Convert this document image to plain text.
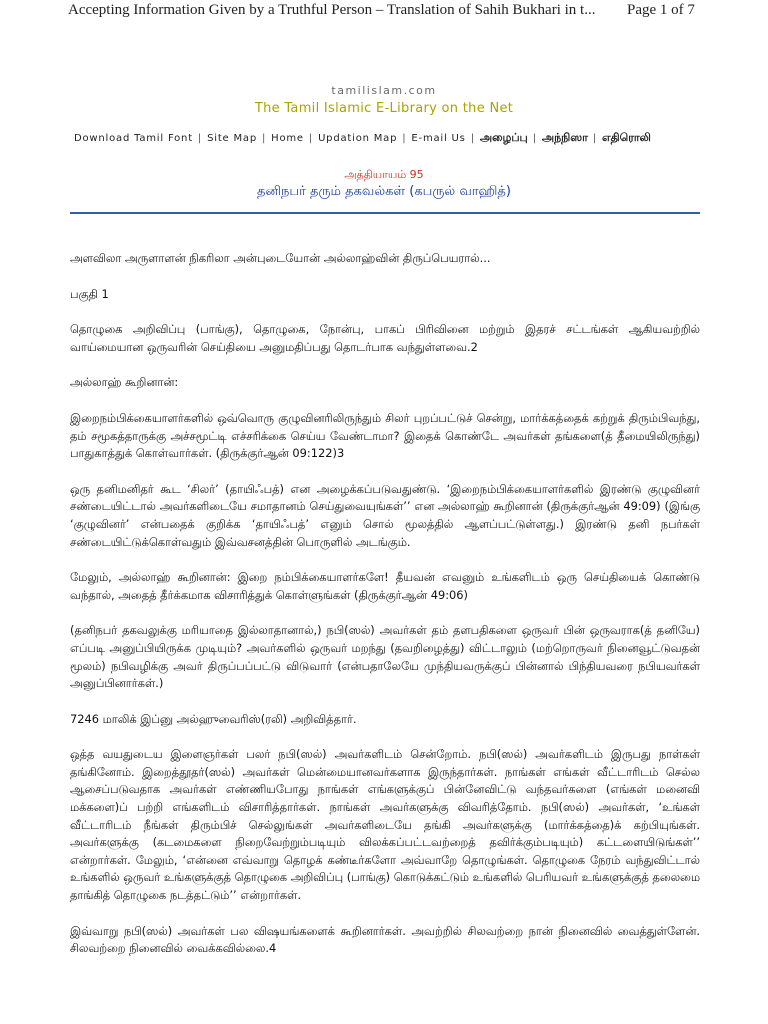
Accepting Information Given by a Truthful Person – Translation of Sahih Bukhari in t... Page 1 of 7
tamilislam.com
The Tamil Islamic E-Library on the Net
Download Tamil Font | Site Map | Home | Updation Map | E-mail Us | அழைப்பு | அந்நிஸா | எதிரொலி
அத்தியாயம் 95
தனிநபர் தரும் தகவல்கள் (கபருல் வாஹித்)

அளவிலா அருளாளன் நிகரிலா அன்புடையோன் அல்லாஹ்வின் திருப்பெயரால்...

பகுதி 1

தொழுகை அறிவிப்பு (பாங்கு), தொழுகை, நோன்பு, பாகப் பிரிவினை மற்றும் இதரச் சட்டங்கள் ஆகியவற்றில் வாய்மையான ஒருவரின் செய்தியை அனுமதிப்பது தொடர்பாக வந்துள்ளவை.2

அல்லாஹ் கூறினான்:

இறைநம்பிக்கையாளர்களில் ஒவ்வொரு குழுவினரிலிருந்தும் சிலர் புறப்பட்டுச் சென்று, மார்க்கத்தைக் கற்றுக் திரும்பிவந்து, தம் சமூகத்தாருக்கு அச்சமூட்டி எச்சரிக்கை செய்ய வேண்டாமா? இதைக் கொண்டே அவர்கள் தங்களை(த் தீமையிலிருந்து) பாதுகாத்துக் கொள்வார்கள். (திருக்குர்ஆன் 09:122)3

ஒரு தனிமனிதர் கூட ‘சிலர்’ (தாயிஃபத்) என அழைக்கப்படுவதுண்டு. ‘இறைநம்பிக்கையாளர்களில் இரண்டு குழுவினர் சண்டையிட்டால் அவர்களிடையே சமாதானம் செய்துவையுங்கள்’’ என அல்லாஹ் கூறினான் (திருக்குர்ஆன் 49:09) (இங்கு ‘குழுவினர்’ என்பதைக் குறிக்க ‘தாயிஃபத்’ எனும் சொல் மூலத்தில் ஆளப்பட்டுள்ளது.) இரண்டு தனி நபர்கள் சண்டையிட்டுக்கொள்வதும் இவ்வசனத்தின் பொருளில் அடங்கும்.

மேலும், அல்லாஹ் கூறினான்: இறை நம்பிக்கையாளர்களே! தீயவன் எவனும் உங்களிடம் ஒரு செய்தியைக் கொண்டு வந்தால், அதைத் தீர்க்கமாக விசாரித்துக் கொள்ளுங்கள் (திருக்குர்ஆன் 49:06)

(தனிநபர் தகவலுக்கு மரியாதை இல்லாதானால்,) நபி(ஸல்) அவர்கள் தம் தளபதிகளை ஒருவர் பின் ஒருவராக(த் தனியே) எப்படி அனுப்பியிருக்க முடியும்? அவர்களில் ஒருவர் மறந்து (தவறிழைத்து) விட்டாலும் (மற்றொருவர் நினைவூட்டுவதன் மூலம்) நபிவழிக்கு அவர் திருப்பப்பட்டு விடுவார் (என்பதாலேயே முந்தியவருக்குப் பின்னால் பிந்தியவரை நபியவர்கள் அனுப்பினார்கள்.)

7246 மாலிக் இப்னு அல்ஹுவைரிஸ்(ரலி) அறிவித்தார்.

ஒத்த வயதுடைய இளைஞர்கள் பலர் நபி(ஸல்) அவர்களிடம் சென்றோம். நபி(ஸல்) அவர்களிடம் இருபது நாள்கள் தங்கினோம். இறைத்தூதர்(ஸல்) அவர்கள் மென்மையானவர்களாக இருந்தார்கள். நாங்கள் எங்கள் வீட்டாரிடம் செல்ல ஆசைப்படுவதாக அவர்கள் எண்ணியபோது நாங்கள் எங்களுக்குப் பின்னேவிட்டு வந்தவர்களை (எங்கள் மனைவி மக்களை)ப் பற்றி எங்களிடம் விசாரித்தார்கள். நாங்கள் அவர்களுக்கு விவரித்தோம். நபி(ஸல்) அவர்கள், ‘உங்கள் வீட்டாரிடம் நீங்கள் திரும்பிச் செல்லுங்கள் அவர்களிடையே தங்கி அவர்களுக்கு (மார்க்கத்தை)க் கற்பியுங்கள். அவர்களுக்கு (கடமைகளை நிறைவேற்றும்படியும் விலக்கப்பட்டவற்றைத் தவிர்க்கும்படியும்) கட்டளையிடுங்கள்’’ என்றார்கள். மேலும், ‘என்னை எவ்வாறு தொழக் கண்டீர்களோ அவ்வாறே தொழுங்கள். தொழுகை நேரம் வந்துவிட்டால் உங்களில் ஒருவர் உங்களுக்குத் தொழுகை அறிவிப்பு (பாங்கு) கொடுக்கட்டும் உங்களில் பெரியவர் உங்களுக்குத் தலைமை தாங்கித் தொழுகை நடத்தட்டும்’’ என்றார்கள்.

இவ்வாறு நபி(ஸல்) அவர்கள் பல விஷயங்களைக் கூறினார்கள். அவற்றில் சிலவற்றை நான் நினைவில் வைத்துள்ளேன். சிலவற்றை நினைவில் வைக்கவில்லை.4
